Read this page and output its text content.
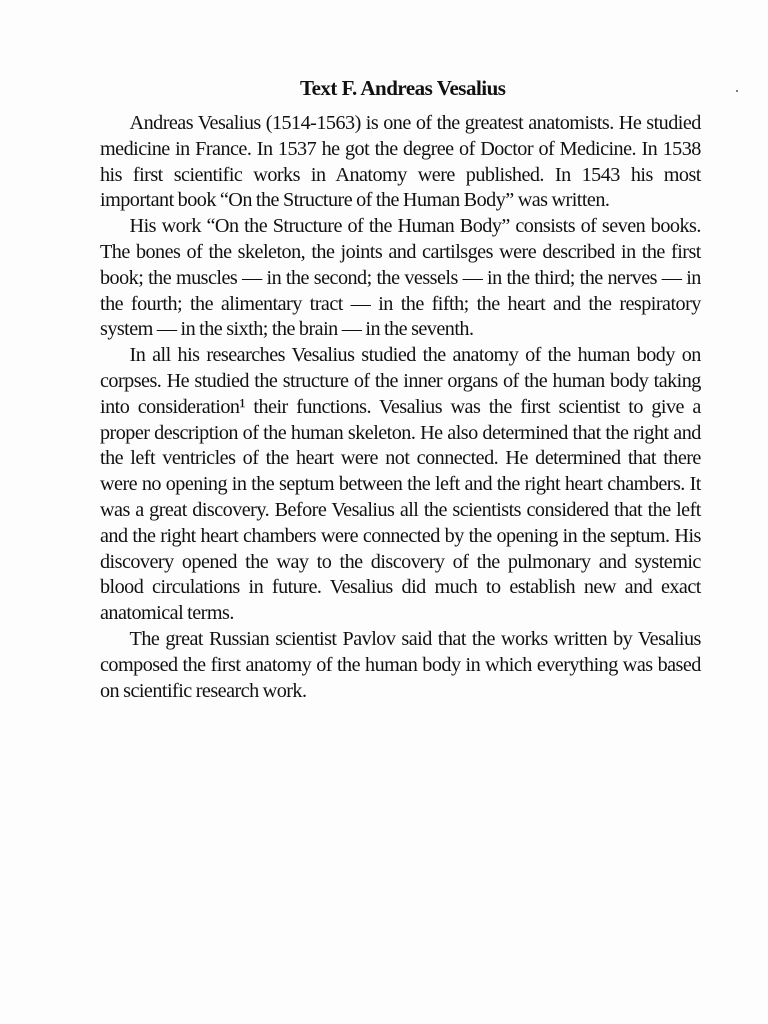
Text F. Andreas Vesalius

Andreas Vesalius (1514-1563) is one of the greatest anatomists. He studied medicine in France. In 1537 he got the degree of Doctor of Medicine. In 1538 his first scientific works in Anatomy were published. In 1543 his most important book “On the Structure of the Human Body” was written.

His work “On the Structure of the Human Body” consists of seven books. The bones of the skeleton, the joints and cartilsges were described in the first book; the muscles — in the second; the vessels — in the third; the nerves — in the fourth; the alimentary tract — in the fifth; the heart and the respiratory system — in the sixth; the brain — in the seventh.

In all his researches Vesalius studied the anatomy of the human body on corpses. He studied the structure of the inner organs of the human body taking into consideration¹ their functions. Vesalius was the first scientist to give a proper description of the human skeleton. He also determined that the right and the left ventricles of the heart were not connected. He determined that there were no opening in the septum between the left and the right heart chambers. It was a great discovery. Before Vesalius all the scientists considered that the left and the right heart chambers were connected by the opening in the septum. His discovery opened the way to the discovery of the pulmonary and systemic blood circulations in future. Vesalius did much to establish new and exact anatomical terms.

The great Russian scientist Pavlov said that the works written by Vesalius composed the first anatomy of the human body in which everything was based on scientific research work.
